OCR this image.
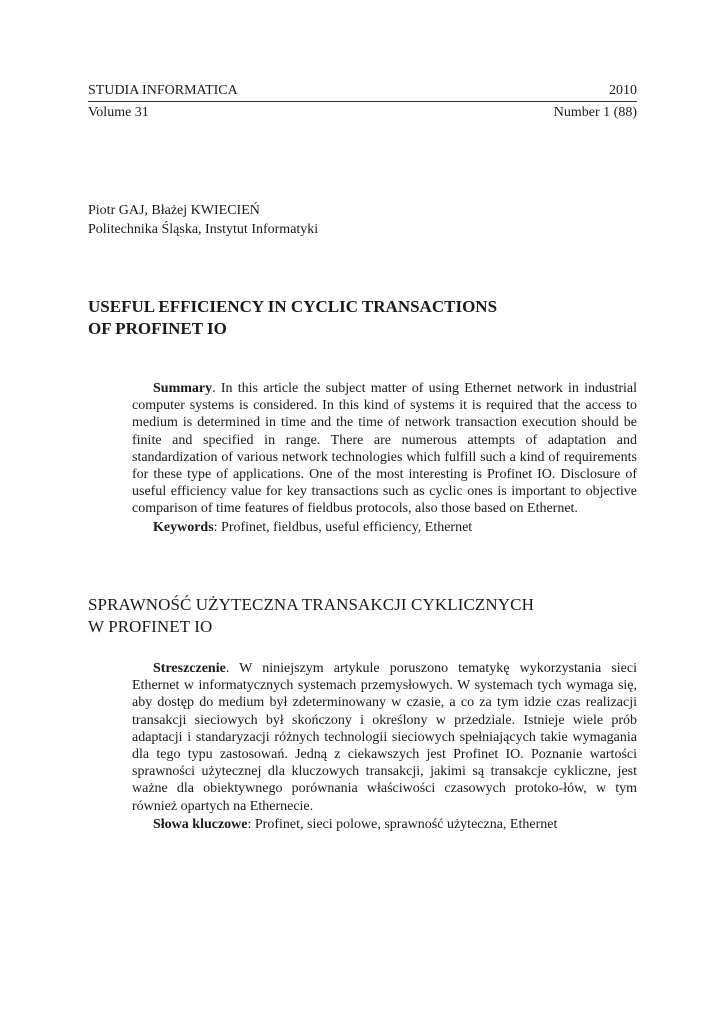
STUDIA INFORMATICA	2010
Volume 31	Number 1 (88)
Piotr GAJ, Błażej KWIECIEŃ
Politechnika Śląska, Instytut Informatyki
USEFUL EFFICIENCY IN CYCLIC TRANSACTIONS
OF PROFINET IO

Summary. In this article the subject matter of using Ethernet network in industrial computer systems is considered. In this kind of systems it is required that the access to medium is determined in time and the time of network transaction execution should be finite and specified in range. There are numerous attempts of adaptation and standardization of various network technologies which fulfill such a kind of requirements for these type of applications. One of the most interesting is Profinet IO. Disclosure of useful efficiency value for key transactions such as cyclic ones is important to objective comparison of time features of fieldbus protocols, also those based on Ethernet.

Keywords: Profinet, fieldbus, useful efficiency, Ethernet

SPRAWNOŚĆ UŻYTECZNA TRANSAKCJI CYKLICZNYCH
W PROFINET IO

Streszczenie. W niniejszym artykule poruszono tematykę wykorzystania sieci Ethernet w informatycznych systemach przemysłowych. W systemach tych wymaga się, aby dostęp do medium był zdeterminowany w czasie, a co za tym idzie czas realizacji transakcji sieciowych był skończony i określony w przedziale. Istnieje wiele prób adaptacji i standaryzacji różnych technologii sieciowych spełniających takie wymagania dla tego typu zastosowań. Jedną z ciekawszych jest Profinet IO. Poznanie wartości sprawności użytecznej dla kluczowych transakcji, jakimi są transakcje cykliczne, jest ważne dla obiektywnego porównania właściwości czasowych protoko-łów, w tym również opartych na Ethernecie.

Słowa kluczowe: Profinet, sieci polowe, sprawność użyteczna, Ethernet
